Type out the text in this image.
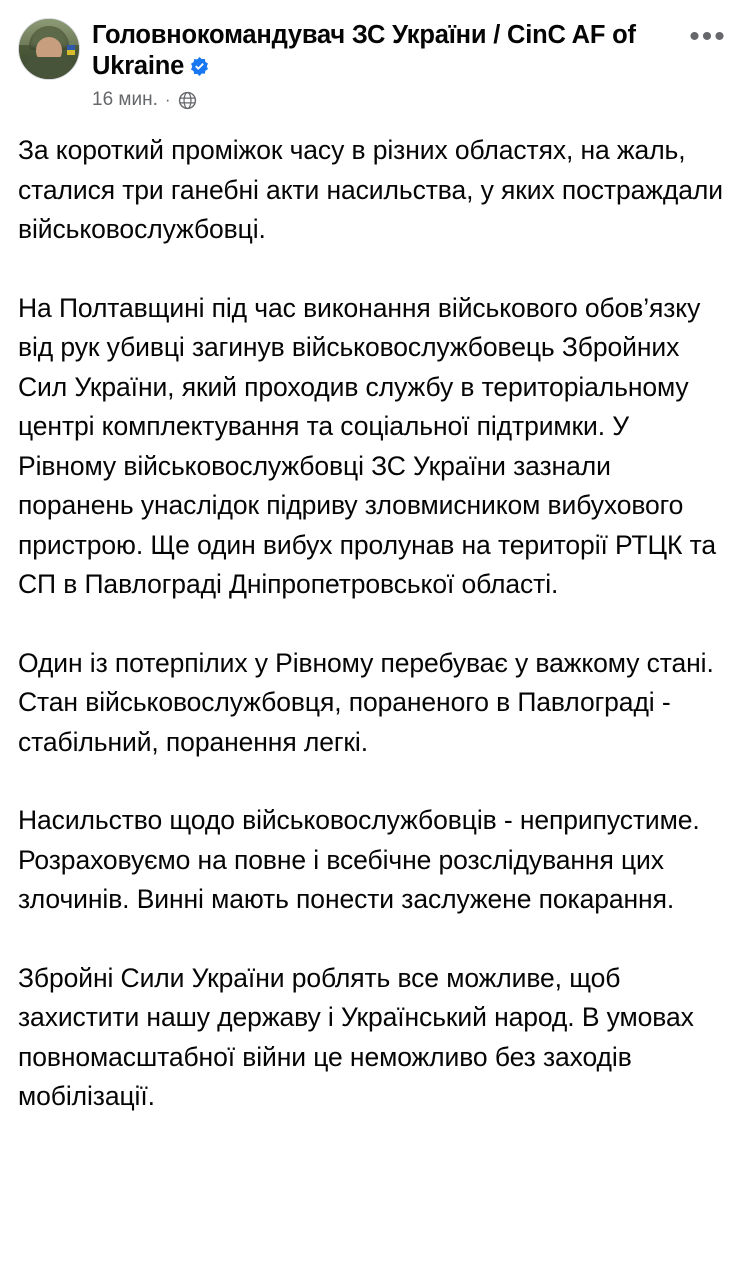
Головнокомандувач ЗС України / CinC AF of Ukraine
16 мин. ·
•••

За короткий проміжок часу в різних областях, на жаль, сталися три ганебні акти насильства, у яких постраждали військовослужбовці.

На Полтавщині під час виконання військового обов’язку від рук убивці загинув військовослужбовець Збройних Сил України, який проходив службу в територіальному центрі комплектування та соціальної підтримки. У Рівному військовослужбовці ЗС України зазнали поранень унаслідок підриву зловмисником вибухового пристрою. Ще один вибух пролунав на території РТЦК та СП в Павлограді Дніпропетровської області.

Один із потерпілих у Рівному перебуває у важкому стані. Стан військовослужбовця, пораненого в Павлограді - стабільний, поранення легкі.

Насильство щодо військовослужбовців - неприпустиме. Розраховуємо на повне і всебічне розслідування цих злочинів. Винні мають понести заслужене покарання.

Збройні Сили України роблять все можливе, щоб захистити нашу державу і Український народ. В умовах повномасштабної війни це неможливо без заходів мобілізації.
